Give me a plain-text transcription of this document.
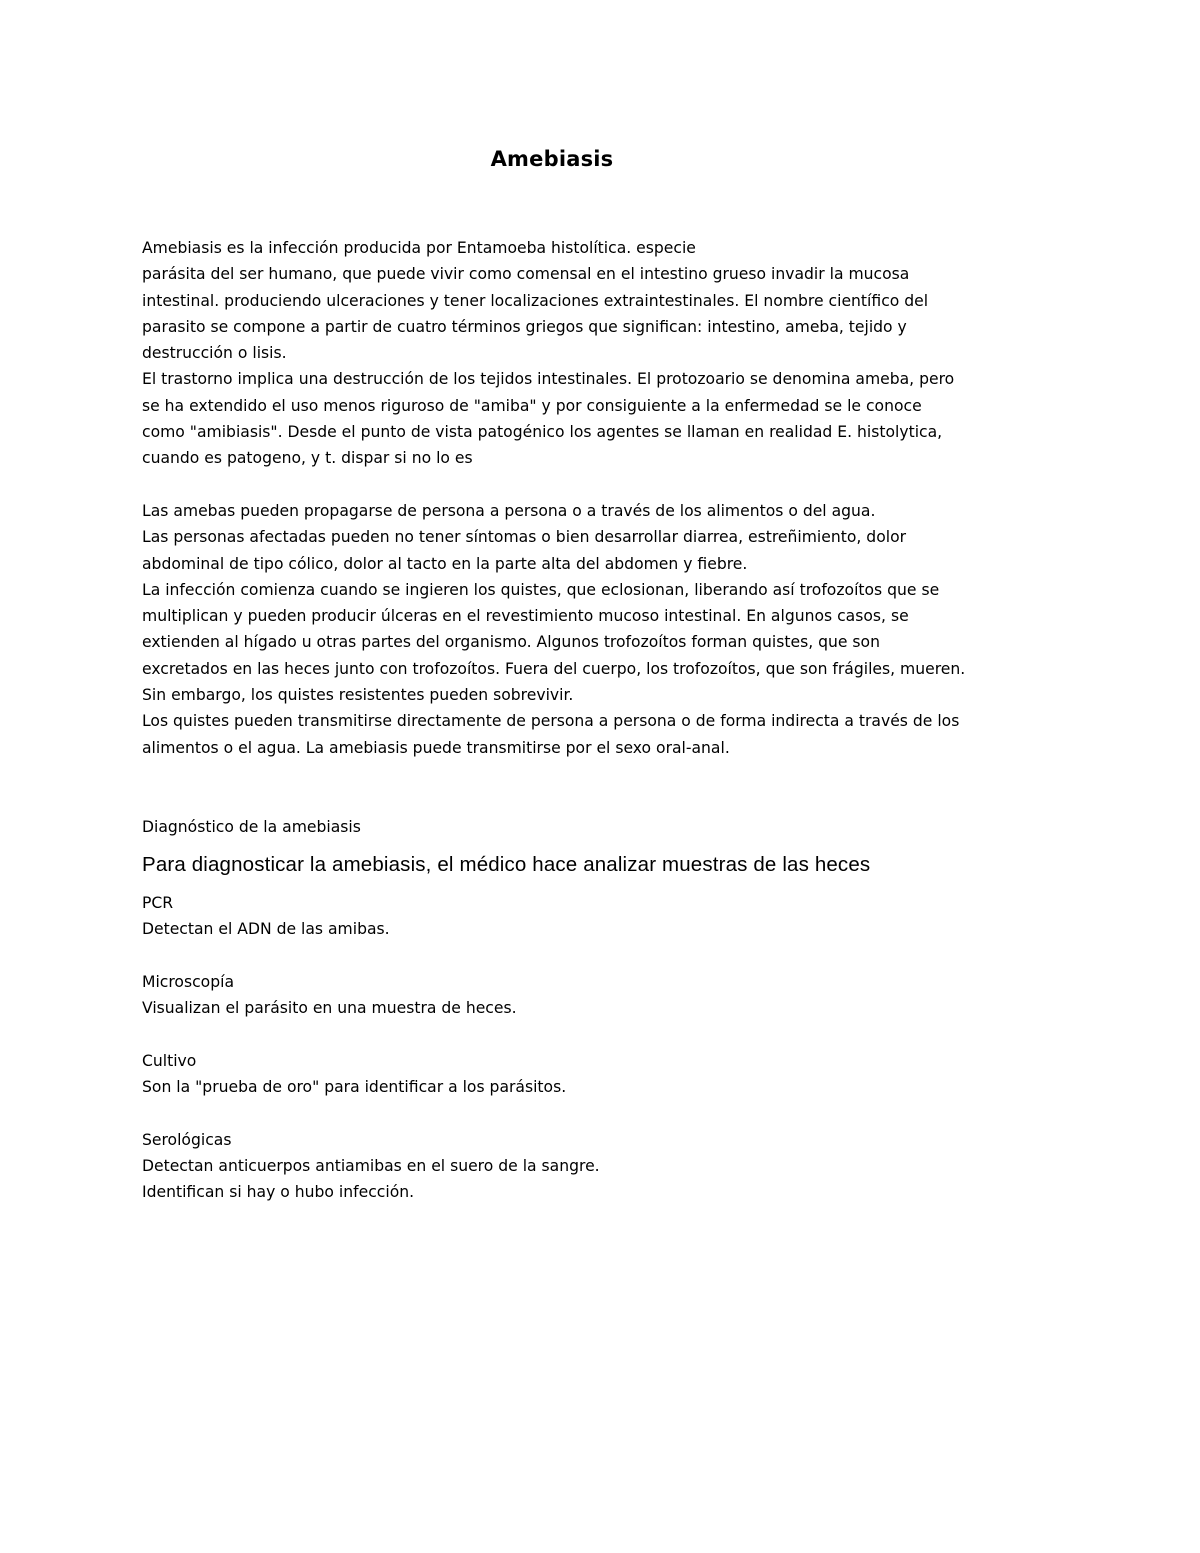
Amebiasis
Amebiasis es la infección producida por Entamoeba histolítica. especie
parásita del ser humano, que puede vivir como comensal en el intestino grueso invadir la mucosa
intestinal. produciendo ulceraciones y tener localizaciones extraintestinales. El nombre científico del
parasito se compone a partir de cuatro términos griegos que significan: intestino, ameba, tejido y
destrucción o lisis.
El trastorno implica una destrucción de los tejidos intestinales. El protozoario se denomina ameba, pero
se ha extendido el uso menos riguroso de "amiba" y por consiguiente a la enfermedad se le conoce
como "amibiasis". Desde el punto de vista patogénico los agentes se llaman en realidad E. histolytica,
cuando es patogeno, y t. dispar si no lo es
Las amebas pueden propagarse de persona a persona o a través de los alimentos o del agua.
Las personas afectadas pueden no tener síntomas o bien desarrollar diarrea, estreñimiento, dolor
abdominal de tipo cólico, dolor al tacto en la parte alta del abdomen y fiebre.
La infección comienza cuando se ingieren los quistes, que eclosionan, liberando así trofozoítos que se
multiplican y pueden producir úlceras en el revestimiento mucoso intestinal. En algunos casos, se
extienden al hígado u otras partes del organismo. Algunos trofozoítos forman quistes, que son
excretados en las heces junto con trofozoítos. Fuera del cuerpo, los trofozoítos, que son frágiles, mueren.
Sin embargo, los quistes resistentes pueden sobrevivir.
Los quistes pueden transmitirse directamente de persona a persona o de forma indirecta a través de los
alimentos o el agua. La amebiasis puede transmitirse por el sexo oral-anal.
Diagnóstico de la amebiasis
Para diagnosticar la amebiasis, el médico hace analizar muestras de las heces
PCR
Detectan el ADN de las amibas.
Microscopía
Visualizan el parásito en una muestra de heces.
Cultivo
Son la "prueba de oro" para identificar a los parásitos.
Serológicas
Detectan anticuerpos antiamibas en el suero de la sangre.
Identifican si hay o hubo infección.
